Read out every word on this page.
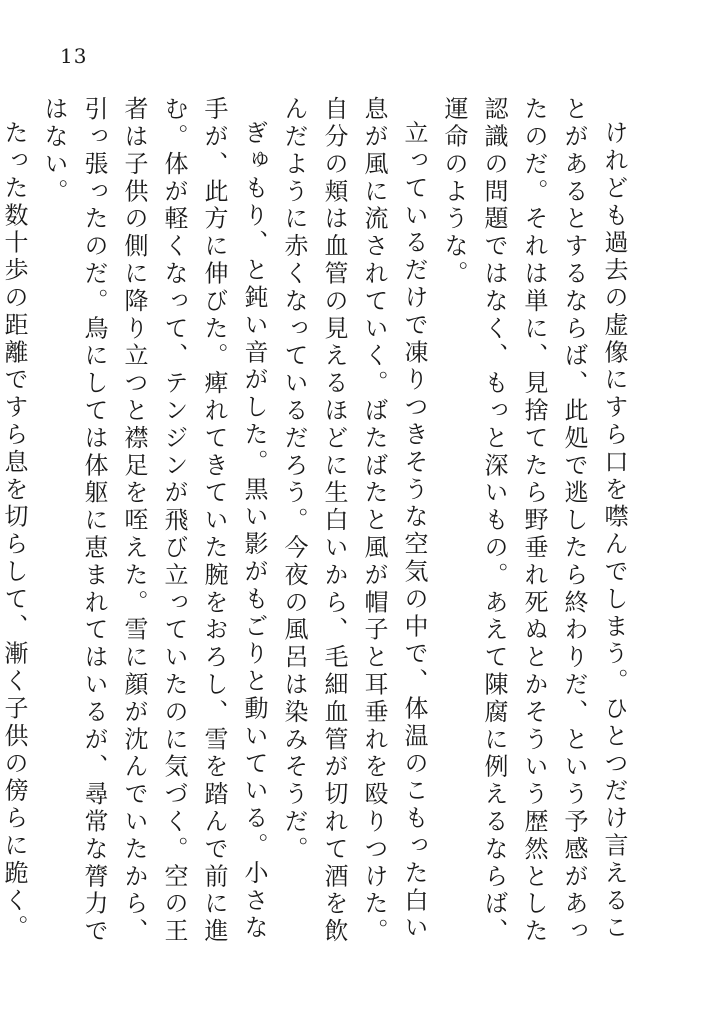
13

けれども過去の虚像にすら口を噤んでしまう。ひとつだけ言えることがあるとするならば、此処で逃したら終わりだ、という予感があったのだ。それは単に、見捨てたら野垂れ死ぬとかそういう歴然とした認識の問題ではなく、もっと深いもの。あえて陳腐に例えるならば、運命のような。

立っているだけで凍りつきそうな空気の中で、体温のこもった白い息が風に流されていく。ばたばたと風が帽子と耳垂れを殴りつけた。自分の頬は血管の見えるほどに生白いから、毛細血管が切れて酒を飲んだように赤くなっているだろう。今夜の風呂は染みそうだ。

ぎゅもり、と鈍い音がした。黒い影がもごりと動いている。小さな手が、此方に伸びた。痺れてきていた腕をおろし、雪を踏んで前に進む。体が軽くなって、テンジンが飛び立っていたのに気づく。空の王者は子供の側に降り立つと襟足を咥えた。雪に顔が沈んでいたから、引っ張ったのだ。鳥にしては体躯に恵まれてはいるが、尋常な膂力ではない。

たった数十歩の距離ですら息を切らして、漸く子供の傍らに跪く。
